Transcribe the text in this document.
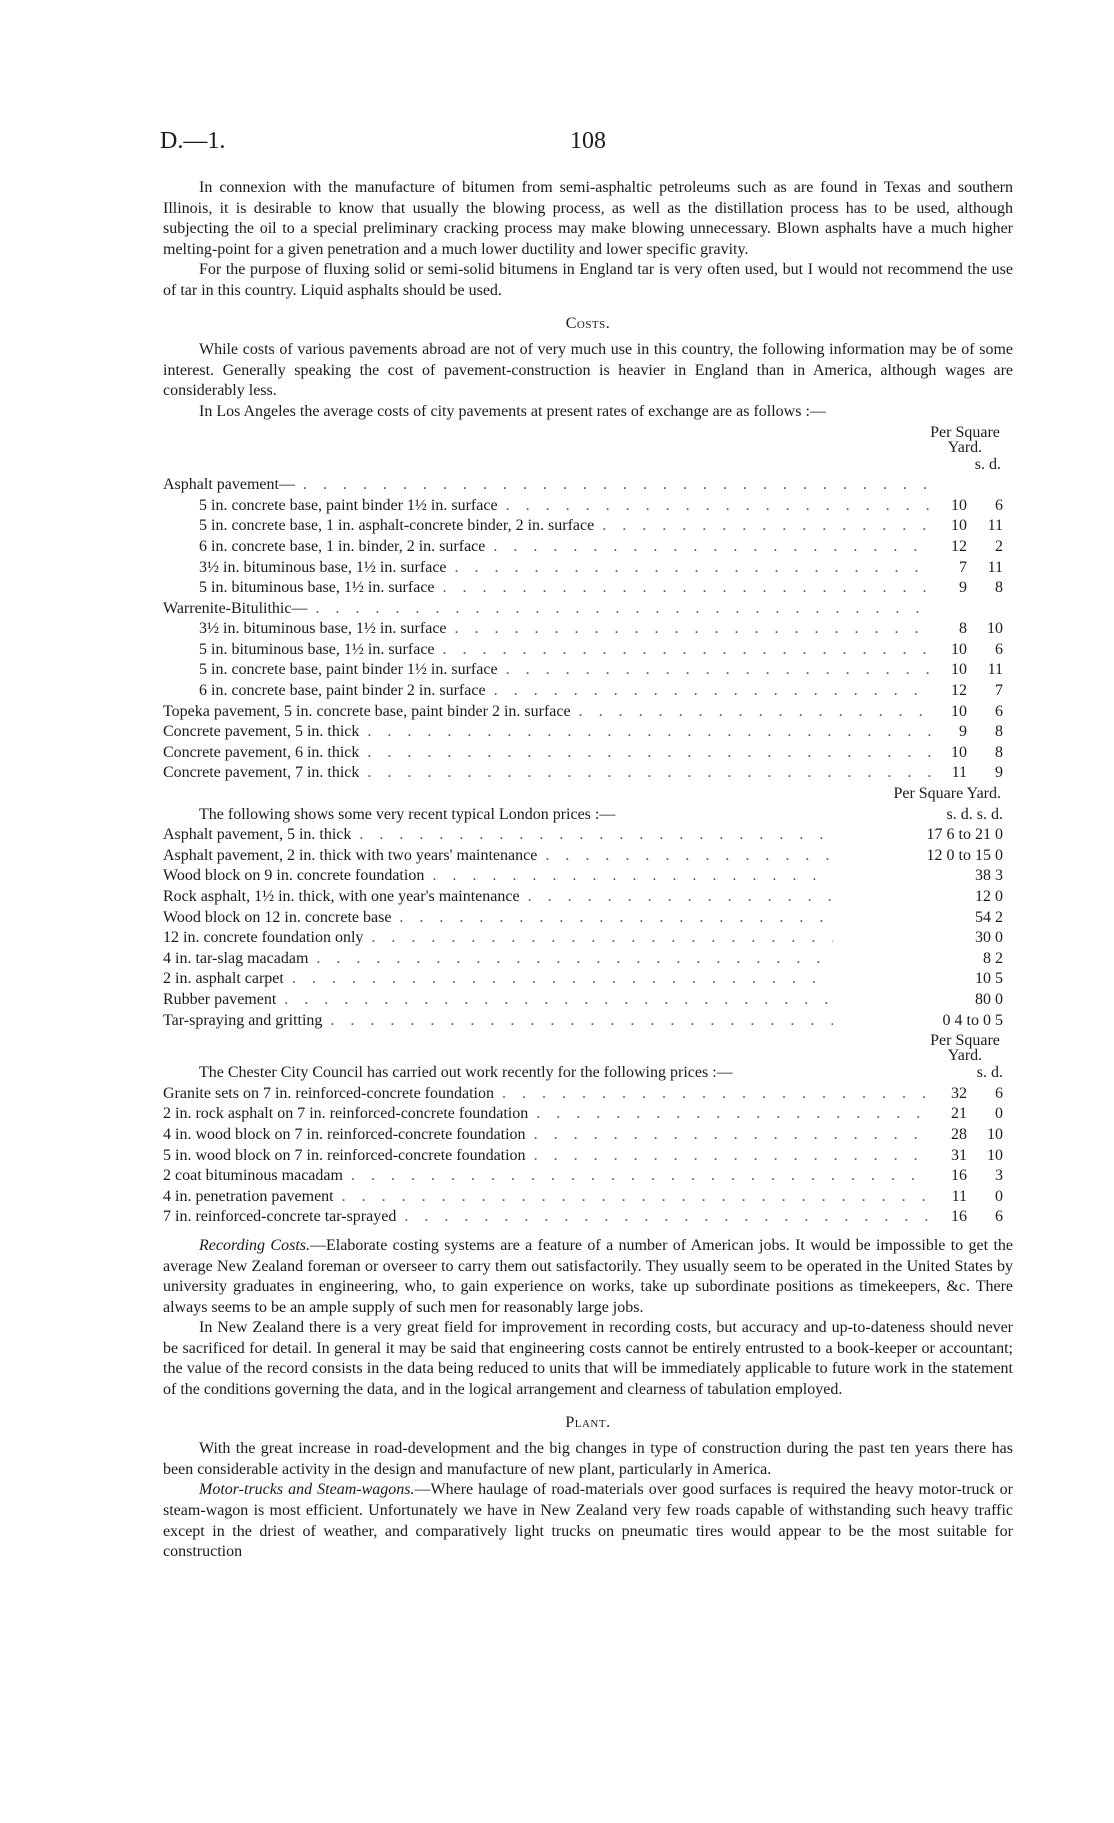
D.—1.	108

In connexion with the manufacture of bitumen from semi-asphaltic petroleums such as are found in Texas and southern Illinois, it is desirable to know that usually the blowing process, as well as the distillation process has to be used, although subjecting the oil to a special preliminary cracking process may make blowing unnecessary. Blown asphalts have a much higher melting-point for a given penetration and a much lower ductility and lower specific gravity.

For the purpose of fluxing solid or semi-solid bitumens in England tar is very often used, but I would not recommend the use of tar in this country. Liquid asphalts should be used.

Costs.

While costs of various pavements abroad are not of very much use in this country, the following information may be of some interest. Generally speaking the cost of pavement-construction is heavier in England than in America, although wages are considerably less.

In Los Angeles the average costs of city pavements at present rates of exchange are as follows :—

Per Square Yard.
s. d.
Asphalt pavement—
. . .
5 in. concrete base, paint binder 1½ in. surface . . .	10	6
5 in. concrete base, 1 in. asphalt-concrete binder, 2 in. surface . . .	10	11
6 in. concrete base, 1 in. binder, 2 in. surface . . .	12	2
3½ in. bituminous base, 1½ in. surface . . .	7	11
5 in. bituminous base, 1½ in. surface . . .	9	8
Warrenite-Bitulithic—
. . .
3½ in. bituminous base, 1½ in. surface . . .	8	10
5 in. bituminous base, 1½ in. surface . . .	10	6
5 in. concrete base, paint binder 1½ in. surface . . .	10	11
6 in. concrete base, paint binder 2 in. surface . . .	12	7
Topeka pavement, 5 in. concrete base, paint binder 2 in. surface . . .	10	6
Concrete pavement, 5 in. thick . . .	9	8
Concrete pavement, 6 in. thick . . .	10	8
Concrete pavement, 7 in. thick . . .	11	9
Per Square Yard.
The following shows some very recent typical London prices :—	s. d. s. d.
Asphalt pavement, 5 in. thick . . .	17 6 to 21 0
Asphalt pavement, 2 in. thick with two years' maintenance . . .	12 0 to 15 0
Wood block on 9 in. concrete foundation . . .	38 3
Rock asphalt, 1½ in. thick, with one year's maintenance . . .	12 0
Wood block on 12 in. concrete base . . .	54 2
12 in. concrete foundation only . . .	30 0
4 in. tar-slag macadam . . .	8 2
2 in. asphalt carpet . . .	10 5
Rubber pavement . . .	80 0
Tar-spraying and gritting . . .	0 4 to 0 5
Per Square Yard.
The Chester City Council has carried out work recently for the following prices :—	s. d.
Granite sets on 7 in. reinforced-concrete foundation . . .	32	6
2 in. rock asphalt on 7 in. reinforced-concrete foundation . . .	21	0
4 in. wood block on 7 in. reinforced-concrete foundation . . .	28	10
5 in. wood block on 7 in. reinforced-concrete foundation . . .	31	10
2 coat bituminous macadam . . .	16	3
4 in. penetration pavement . . .	11	0
7 in. reinforced-concrete tar-sprayed . . .	16	6

Recording Costs.—Elaborate costing systems are a feature of a number of American jobs. It would be impossible to get the average New Zealand foreman or overseer to carry them out satisfactorily. They usually seem to be operated in the United States by university graduates in engineering, who, to gain experience on works, take up subordinate positions as timekeepers, &c. There always seems to be an ample supply of such men for reasonably large jobs.

In New Zealand there is a very great field for improvement in recording costs, but accuracy and up-to-dateness should never be sacrificed for detail. In general it may be said that engineering costs cannot be entirely entrusted to a book-keeper or accountant; the value of the record consists in the data being reduced to units that will be immediately applicable to future work in the statement of the conditions governing the data, and in the logical arrangement and clearness of tabulation employed.

Plant.

With the great increase in road-development and the big changes in type of construction during the past ten years there has been considerable activity in the design and manufacture of new plant, particularly in America.

Motor-trucks and Steam-wagons.—Where haulage of road-materials over good surfaces is required the heavy motor-truck or steam-wagon is most efficient. Unfortunately we have in New Zealand very few roads capable of withstanding such heavy traffic except in the driest of weather, and comparatively light trucks on pneumatic tires would appear to be the most suitable for construction
